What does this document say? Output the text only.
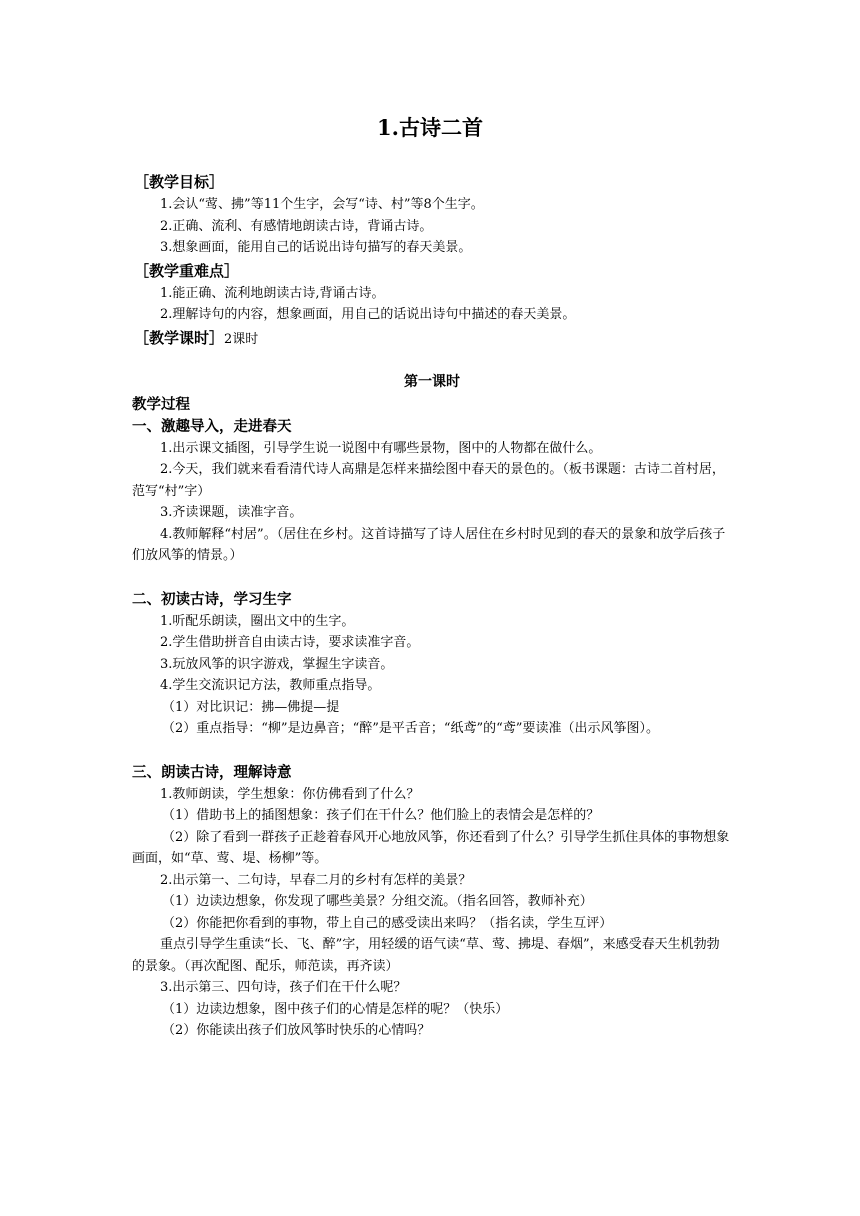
1.古诗二首
［教学目标］

1.会认“莺、拂”等11个生字，会写“诗、村”等8个生字。

2.正确、流利、有感情地朗读古诗，背诵古诗。

3.想象画面，能用自己的话说出诗句描写的春天美景。

［教学重难点］

1.能正确、流利地朗读古诗,背诵古诗。

2.理解诗句的内容，想象画面，用自己的话说出诗句中描述的春天美景。

［教学课时］2课时
第一课时
教学过程
一、激趣导入，走进春天

1.出示课文插图，引导学生说一说图中有哪些景物，图中的人物都在做什么。

2.今天，我们就来看看清代诗人高鼎是怎样来描绘图中春天的景色的。（板书课题：古诗二首村居，范写“村”字）

3.齐读课题，读准字音。

4.教师解释“村居”。（居住在乡村。这首诗描写了诗人居住在乡村时见到的春天的景象和放学后孩子们放风筝的情景。）

二、初读古诗，学习生字

1.听配乐朗读，圈出文中的生字。

2.学生借助拼音自由读古诗，要求读准字音。

3.玩放风筝的识字游戏，掌握生字读音。

4.学生交流识记方法，教师重点指导。

（1）对比识记：拂—佛提—提

（2）重点指导：“柳”是边鼻音；“醉”是平舌音；“纸鸢”的“鸢”要读准（出示风筝图）。

三、朗读古诗，理解诗意

1.教师朗读，学生想象：你仿佛看到了什么？

（1）借助书上的插图想象：孩子们在干什么？他们脸上的表情会是怎样的？

（2）除了看到一群孩子正趁着春风开心地放风筝，你还看到了什么？引导学生抓住具体的事物想象画面，如“草、莺、堤、杨柳”等。

2.出示第一、二句诗，早春二月的乡村有怎样的美景？

（1）边读边想象，你发现了哪些美景？分组交流。（指名回答，教师补充）

（2）你能把你看到的事物，带上自己的感受读出来吗？（指名读，学生互评）

重点引导学生重读“长、飞、醉”字，用轻缓的语气读“草、莺、拂堤、春烟”，来感受春天生机勃勃的景象。（再次配图、配乐，师范读，再齐读）

3.出示第三、四句诗，孩子们在干什么呢？

（1）边读边想象，图中孩子们的心情是怎样的呢？（快乐）

（2）你能读出孩子们放风筝时快乐的心情吗？
